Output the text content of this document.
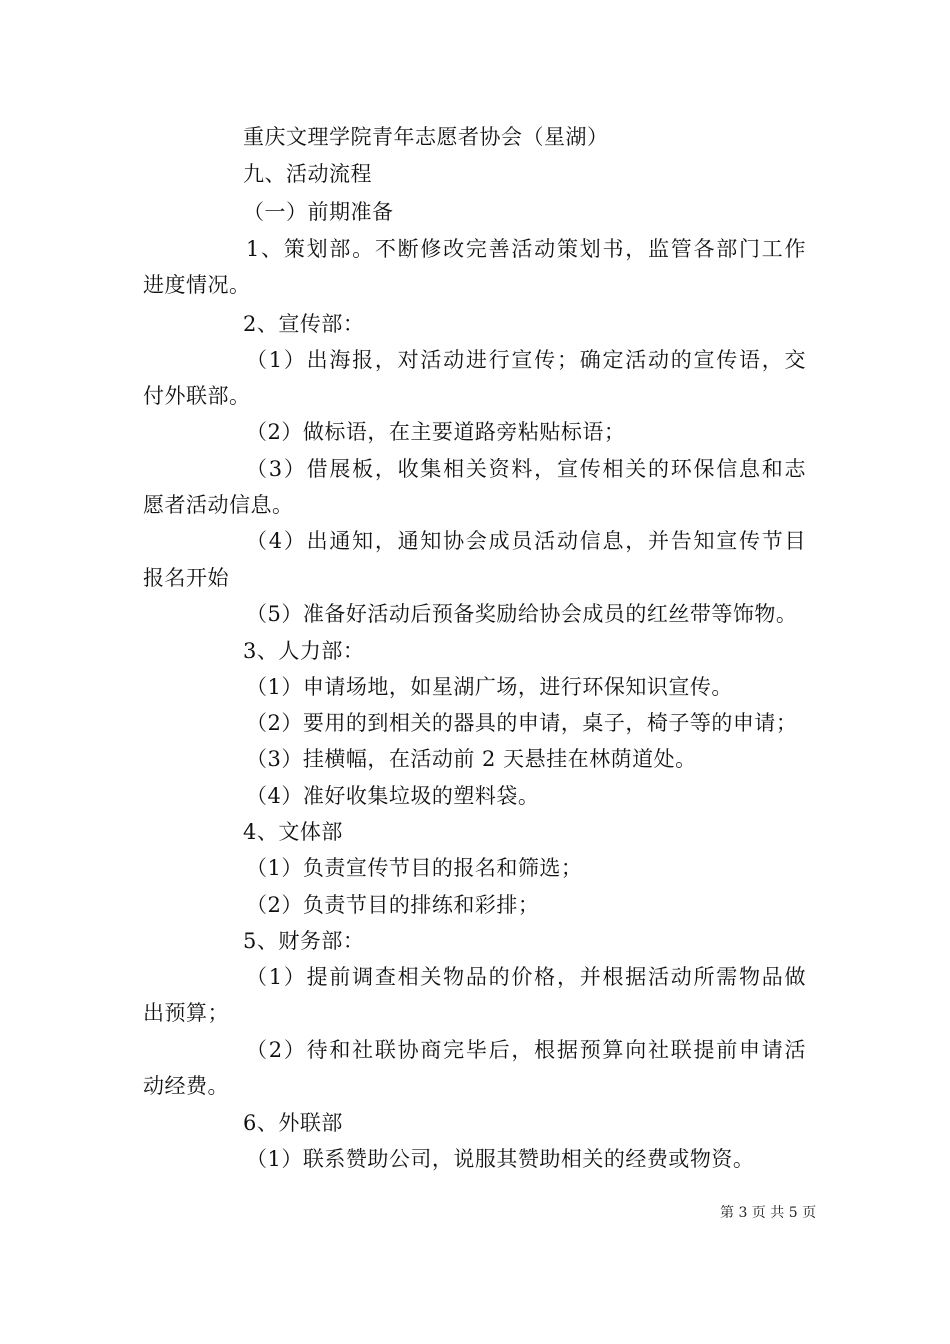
重庆文理学院青年志愿者协会（星湖）
九、活动流程
（一）前期准备
1、策划部。不断修改完善活动策划书，监管各部门工作
进度情况。
2、宣传部：
（1）出海报，对活动进行宣传；确定活动的宣传语，交
付外联部。
（2）做标语，在主要道路旁粘贴标语；
（3）借展板，收集相关资料，宣传相关的环保信息和志
愿者活动信息。
（4）出通知，通知协会成员活动信息，并告知宣传节目
报名开始
（5）准备好活动后预备奖励给协会成员的红丝带等饰物。
3、人力部：
（1）申请场地，如星湖广场，进行环保知识宣传。
（2）要用的到相关的器具的申请，桌子，椅子等的申请；
（3）挂横幅，在活动前 2 天悬挂在林荫道处。
（4）准好收集垃圾的塑料袋。
4、文体部
（1）负责宣传节目的报名和筛选；
（2）负责节目的排练和彩排；
5、财务部：
（1）提前调查相关物品的价格，并根据活动所需物品做
出预算；
（2）待和社联协商完毕后，根据预算向社联提前申请活
动经费。
6、外联部
（1）联系赞助公司，说服其赞助相关的经费或物资。
第 3 页 共 5 页
